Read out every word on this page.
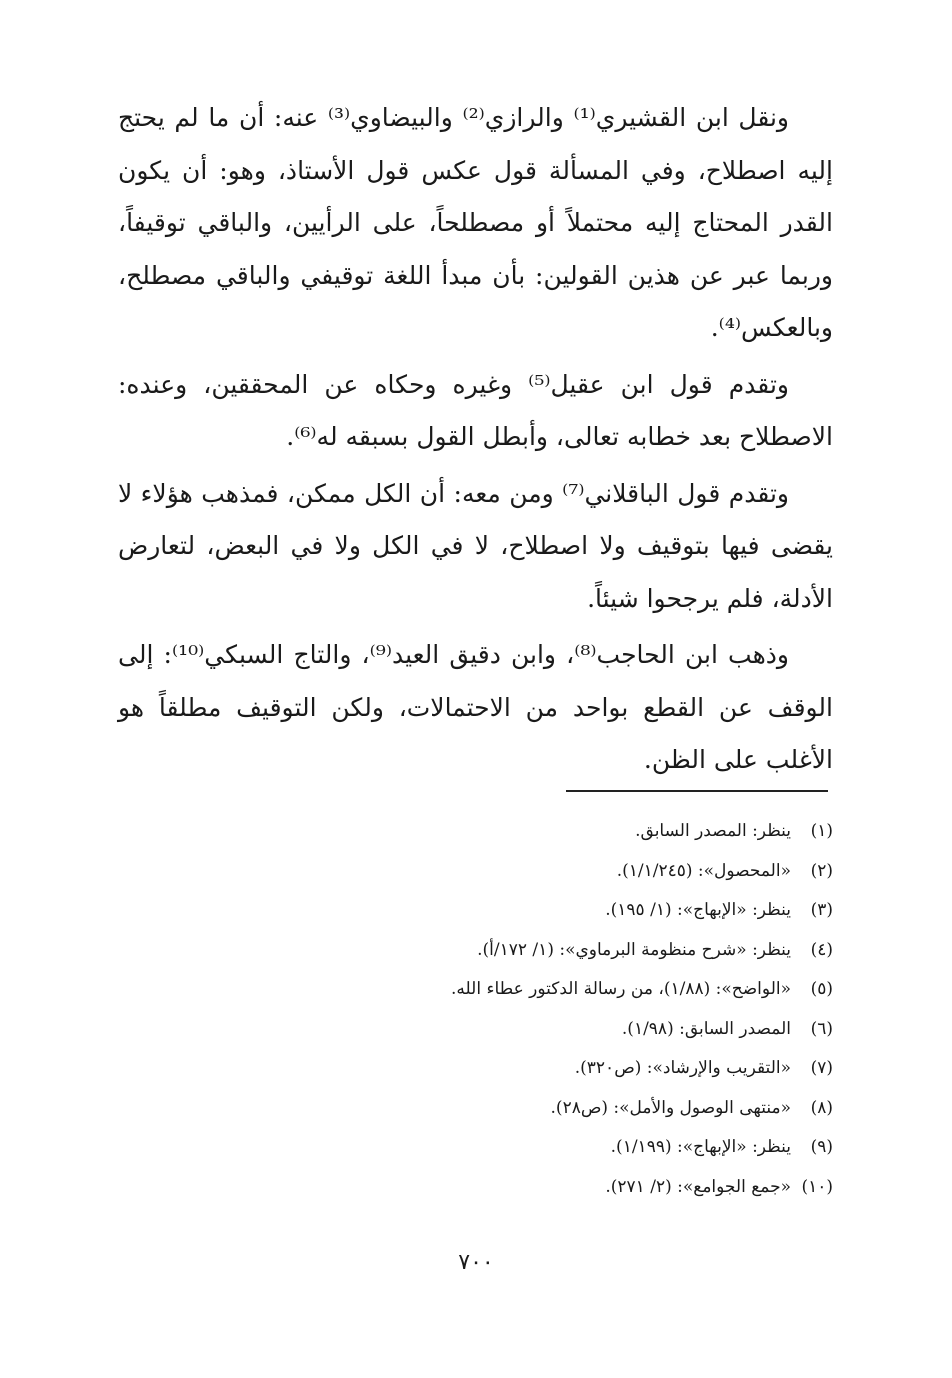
ونقل ابن القشيري⁽¹⁾ والرازي⁽²⁾ والبيضاوي⁽³⁾ عنه: أن ما لم يحتج إليه اصطلاح، وفي المسألة قول عكس قول الأستاذ، وهو: أن يكون القدر المحتاج إليه محتملاً أو مصطلحاً، على الرأيين، والباقي توقيفاً، وربما عبر عن هذين القولين: بأن مبدأ اللغة توقيفي والباقي مصطلح، وبالعكس⁽⁴⁾.

وتقدم قول ابن عقيل⁽⁵⁾ وغيره وحكاه عن المحققين، وعنده: الاصطلاح بعد خطابه تعالى، وأبطل القول بسبقه له⁽⁶⁾.

وتقدم قول الباقلاني⁽⁷⁾ ومن معه: أن الكل ممكن، فمذهب هؤلاء لا يقضى فيها بتوقيف ولا اصطلاح، لا في الكل ولا في البعض، لتعارض الأدلة، فلم يرجحوا شيئاً.

وذهب ابن الحاجب⁽⁸⁾، وابن دقيق العيد⁽⁹⁾، والتاج السبكي⁽¹⁰⁾: إلى الوقف عن القطع بواحد من الاحتمالات، ولكن التوقيف مطلقاً هو الأغلب على الظن.

(١)ينظر: المصدر السابق.
(٢)«المحصول»: (١/١/٢٤٥).
(٣)ينظر: «الإبهاج»: (١/ ١٩٥).
(٤)ينظر: «شرح منظومة البرماوي»: (١/ ١٧٢/أ).
(٥)«الواضح»: (١/٨٨)، من رسالة الدكتور عطاء الله.
(٦)المصدر السابق: (١/٩٨).
(٧)«التقريب والإرشاد»: (ص٣٢٠).
(٨)«منتهى الوصول والأمل»: (ص٢٨).
(٩)ينظر: «الإبهاج»: (١/١٩٩).
(١٠)«جمع الجوامع»: (٢/ ٢٧١).
٧٠٠
